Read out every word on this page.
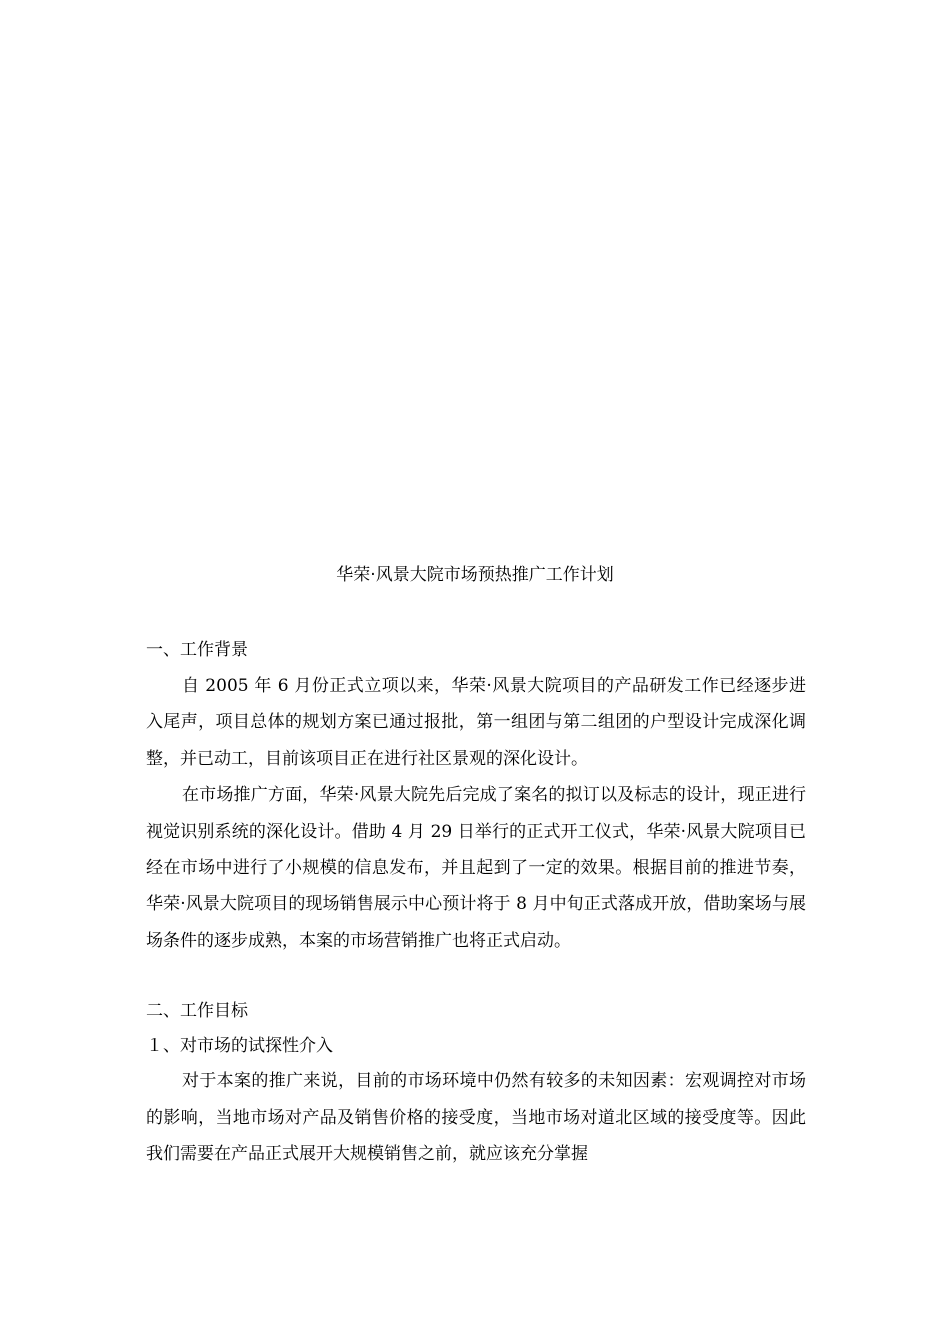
华荣·风景大院市场预热推广工作计划
一、工作背景

自 2005 年 6 月份正式立项以来，华荣·风景大院项目的产品研发工作已经逐步进入尾声，项目总体的规划方案已通过报批，第一组团与第二组团的户型设计完成深化调整，并已动工，目前该项目正在进行社区景观的深化设计。

在市场推广方面，华荣·风景大院先后完成了案名的拟订以及标志的设计，现正进行视觉识别系统的深化设计。借助 4 月 29 日举行的正式开工仪式，华荣·风景大院项目已经在市场中进行了小规模的信息发布，并且起到了一定的效果。根据目前的推进节奏，华荣·风景大院项目的现场销售展示中心预计将于 8 月中旬正式落成开放，借助案场与展场条件的逐步成熟，本案的市场营销推广也将正式启动。

二、工作目标
１、对市场的试探性介入

对于本案的推广来说，目前的市场环境中仍然有较多的未知因素：宏观调控对市场的影响，当地市场对产品及销售价格的接受度，当地市场对道北区域的接受度等。因此我们需要在产品正式展开大规模销售之前，就应该充分掌握
